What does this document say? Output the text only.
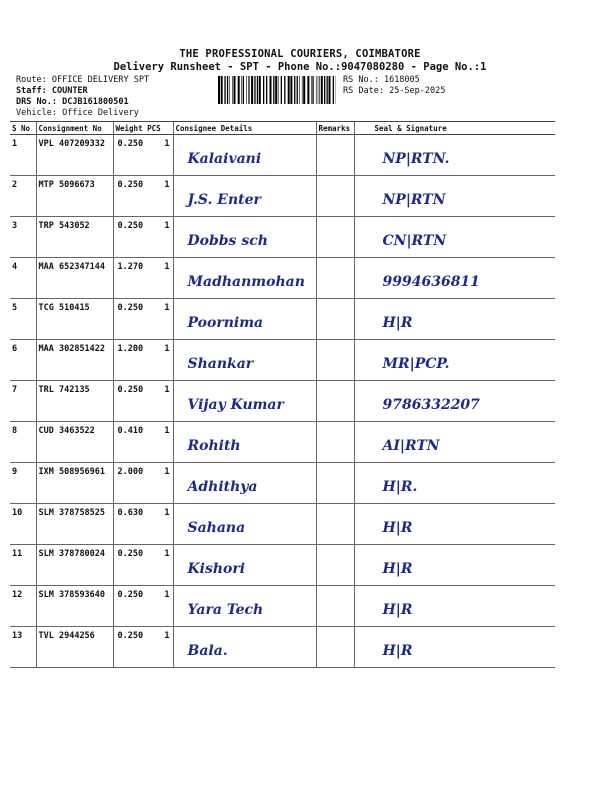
THE PROFESSIONAL COURIERS, COIMBATORE
Delivery Runsheet - SPT - Phone No.:9047080280 - Page No.:1
Route: OFFICE DELIVERY SPT
Staff: COUNTER
DRS No.: DCJB161800501
Vehicle: Office Delivery
RS No.: 1618005
RS Date: 25-Sep-2025
S No	Consignment No	Weight PCS	Consignee Details	Remarks	Seal & Signature
1	VPL 407209332	0.250 1	Kalaivani		NP|RTN.

2	MTP 5096673	0.250 1	J.S. Enter		NP|RTN

3	TRP 543052	0.250 1	Dobbs sch		CN|RTN

4	MAA 652347144	1.270 1	Madhanmohan		9994636811

5	TCG 510415	0.250 1	Poornima		H|R

6	MAA 302851422	1.200 1	Shankar		MR|PCP.

7	TRL 742135	0.250 1	Vijay Kumar		9786332207

8	CUD 3463522	0.410 1	Rohith		AI|RTN

9	IXM 508956961	2.000 1	Adhithya		H|R.

10	SLM 378758525	0.630 1	Sahana		H|R

11	SLM 378780024	0.250 1	Kishori		H|R

12	SLM 378593640	0.250 1	Yara Tech		H|R

13	TVL 2944256	0.250 1	Bala.		H|R
